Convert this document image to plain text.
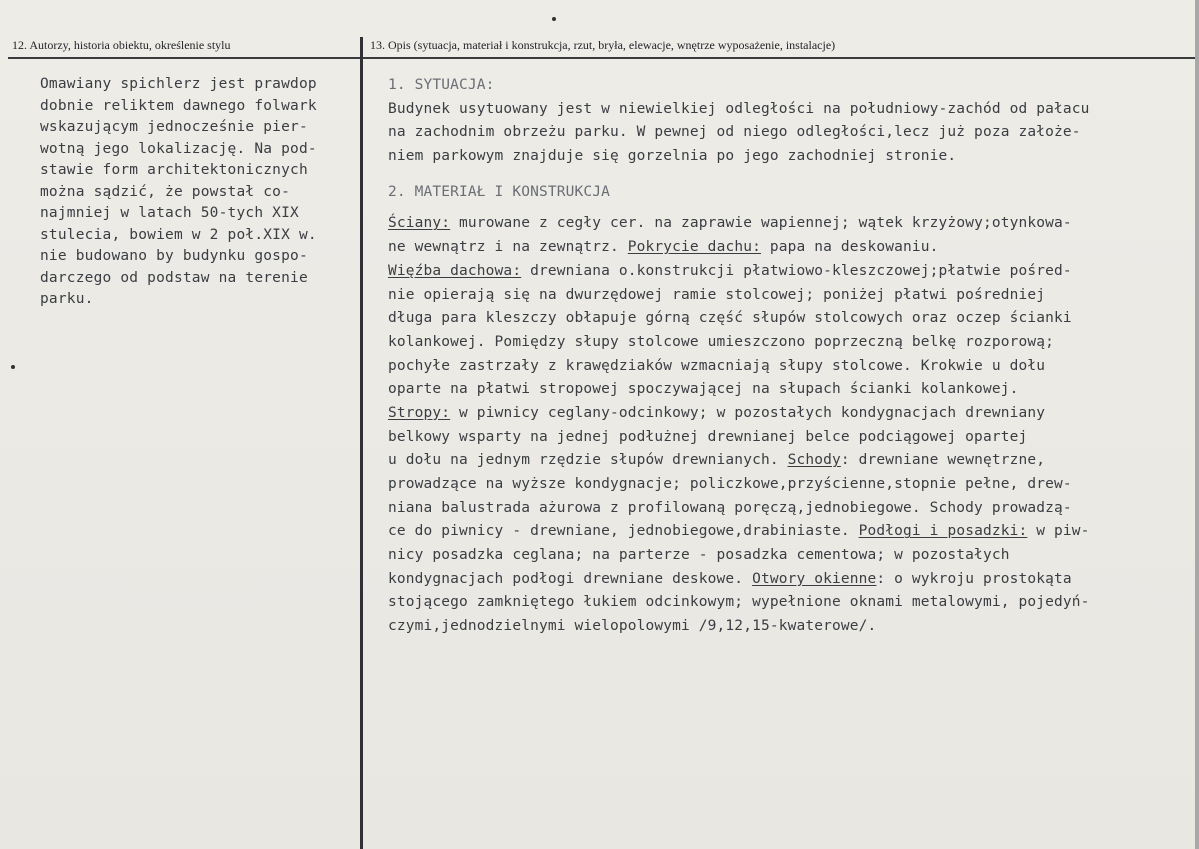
12. Autorzy, historia obiektu, określenie stylu	13. Opis (sytuacja, materiał i konstrukcja, rzut, bryła, elewacje, wnętrze wyposażenie, instalacje)
Omawiany spichlerz jest prawdop
dobnie reliktem dawnego folwark
wskazującym jednocześnie pier-
wotną jego lokalizację. Na pod-
stawie form architektonicznych
można sądzić, że powstał co-
najmniej w latach 50-tych XIX
stulecia, bowiem w 2 poł.XIX w.
nie budowano by budynku gospo-
darczego od podstaw na terenie
parku.
1. SYTUACJA:
Budynek usytuowany jest w niewielkiej odległości na południowy-zachód od pałacu
na zachodnim obrzeżu parku. W pewnej od niego odległości,lecz już poza założe-
niem parkowym znajduje się gorzelnia po jego zachodniej stronie.
2. MATERIAŁ I KONSTRUKCJA
Ściany: murowane z cegły cer. na zaprawie wapiennej; wątek krzyżowy;otynkowa-
ne wewnątrz i na zewnątrz. Pokrycie dachu: papa na deskowaniu.
Więźba dachowa: drewniana o.konstrukcji płatwiowo-kleszczowej;płatwie pośred-
nie opierają się na dwurzędowej ramie stolcowej; poniżej płatwi pośredniej
długa para kleszczy obłapuje górną część słupów stolcowych oraz oczep ścianki
kolankowej. Pomiędzy słupy stolcowe umieszczono poprzeczną belkę rozporową;
pochyłe zastrzały z krawędziaków wzmacniają słupy stolcowe. Krokwie u dołu
oparte na płatwi stropowej spoczywającej na słupach ścianki kolankowej.
Stropy: w piwnicy ceglany-odcinkowy; w pozostałych kondygnacjach drewniany
belkowy wsparty na jednej podłużnej drewnianej belce podciągowej opartej
u dołu na jednym rzędzie słupów drewnianych. Schody: drewniane wewnętrzne,
prowadzące na wyższe kondygnacje; policzkowe,przyścienne,stopnie pełne, drew-
niana balustrada ażurowa z profilowaną poręczą,jednobiegowe. Schody prowadzą-
ce do piwnicy - drewniane, jednobiegowe,drabiniaste. Podłogi i posadzki: w piw-
nicy posadzka ceglana; na parterze - posadzka cementowa; w pozostałych
kondygnacjach podłogi drewniane deskowe. Otwory okienne: o wykroju prostokąta
stojącego zamkniętego łukiem odcinkowym; wypełnione oknami metalowymi, pojedyń-
czymi,jednodzielnymi wielopolowymi /9,12,15-kwaterowe/.
